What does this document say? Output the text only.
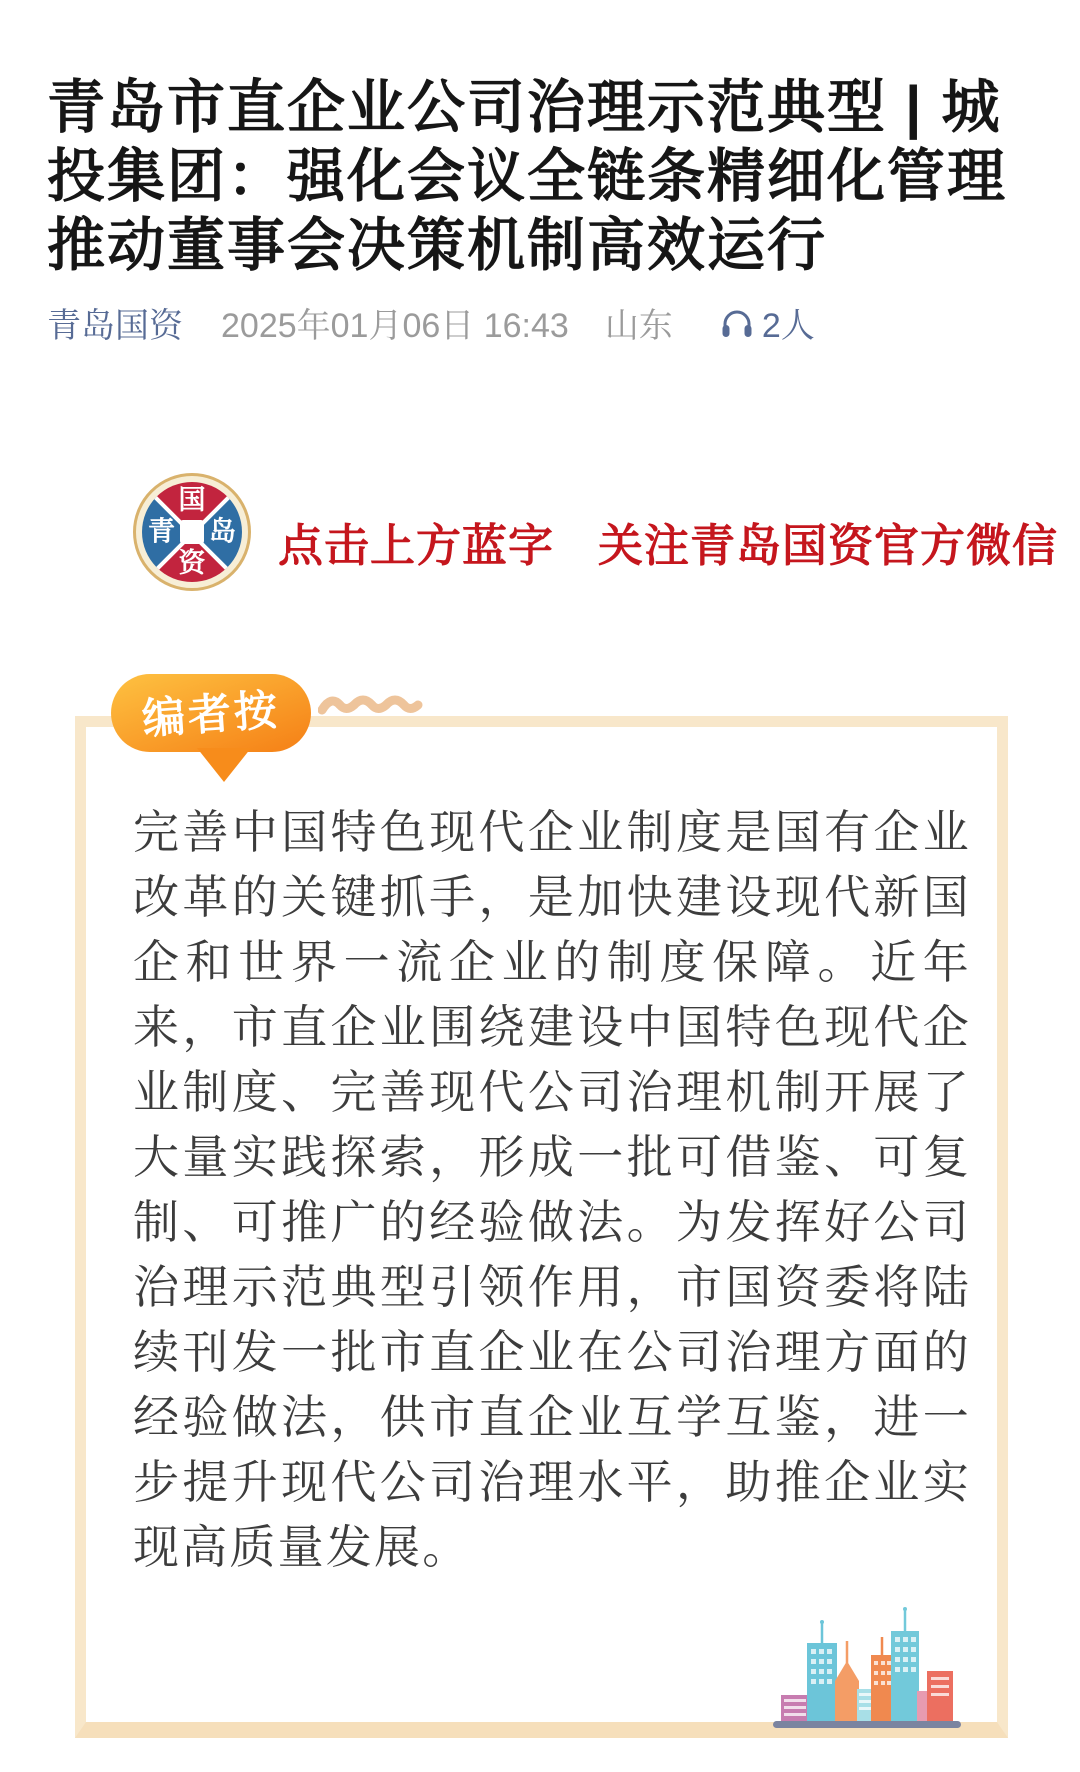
青岛市直企业公司治理示范典型 | 城投集团：强化会议全链条精细化管理 推动董事会决策机制高效运行
青岛国资 2025年01月06日 16:43 山东	2人
国
岛
资
青 点击上方蓝字 关注青岛国资官方微信
编者按
完善中国特色现代企业制度是国有企业改革的关键抓手，是加快建设现代新国企和世界一流企业的制度保障。近年来，市直企业围绕建设中国特色现代企业制度、完善现代公司治理机制开展了大量实践探索，形成一批可借鉴、可复制、可推广的经验做法。为发挥好公司治理示范典型引领作用，市国资委将陆续刊发一批市直企业在公司治理方面的经验做法，供市直企业互学互鉴，进一步提升现代公司治理水平，助推企业实现高质量发展。
